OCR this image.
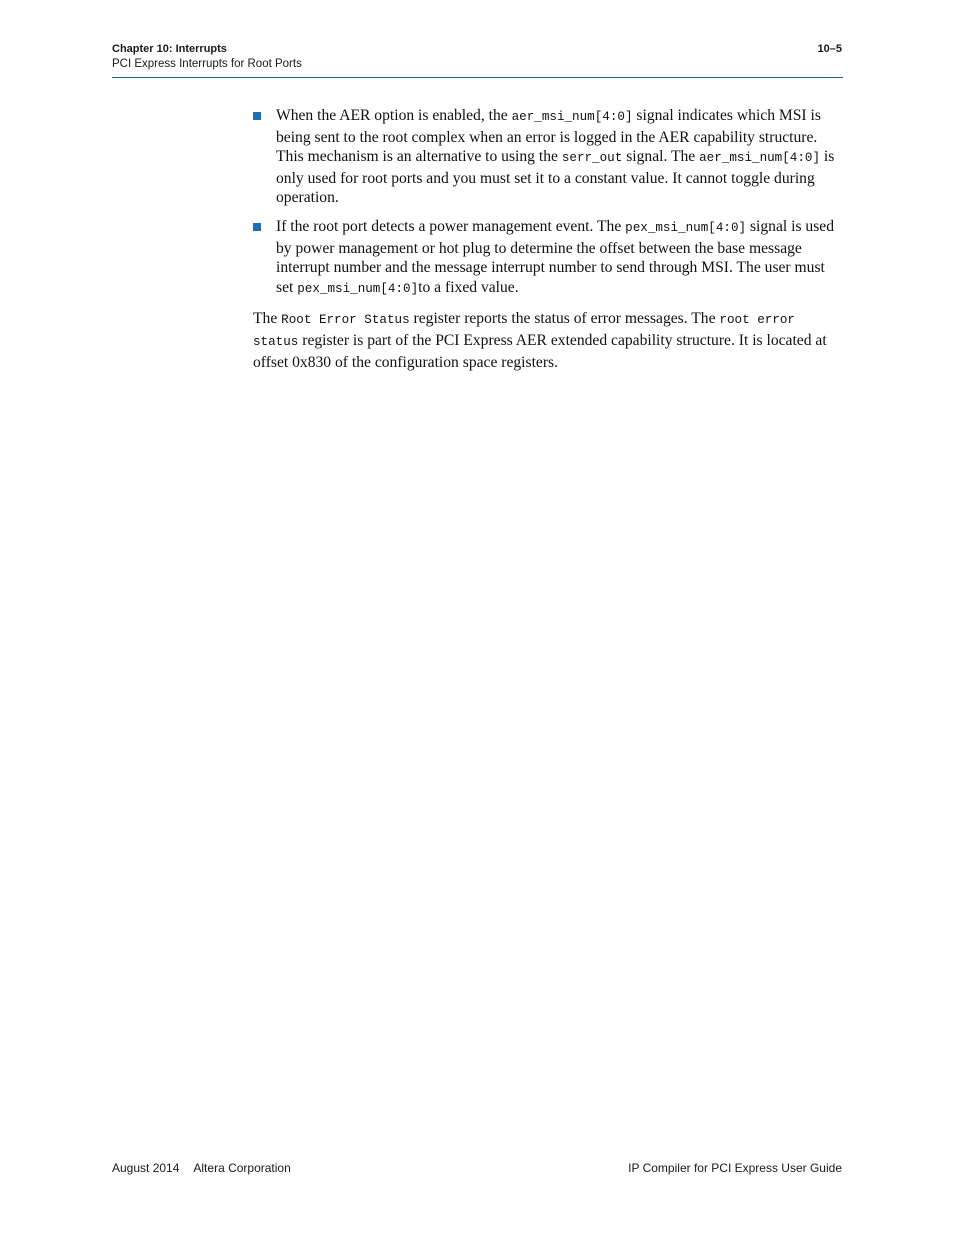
Chapter 10: Interrupts
PCI Express Interrupts for Root Ports
10–5
When the AER option is enabled, the aer_msi_num[4:0] signal indicates which MSI is being sent to the root complex when an error is logged in the AER capability structure. This mechanism is an alternative to using the serr_out signal. The aer_msi_num[4:0] is only used for root ports and you must set it to a constant value. It cannot toggle during operation.
If the root port detects a power management event. The pex_msi_num[4:0] signal is used by power management or hot plug to determine the offset between the base message interrupt number and the message interrupt number to send through MSI. The user must set pex_msi_num[4:0]to a fixed value.

The Root Error Status register reports the status of error messages. The root error status register is part of the PCI Express AER extended capability structure. It is located at offset 0x830 of the configuration space registers.

August 2014 Altera Corporation	IP Compiler for PCI Express User Guide
